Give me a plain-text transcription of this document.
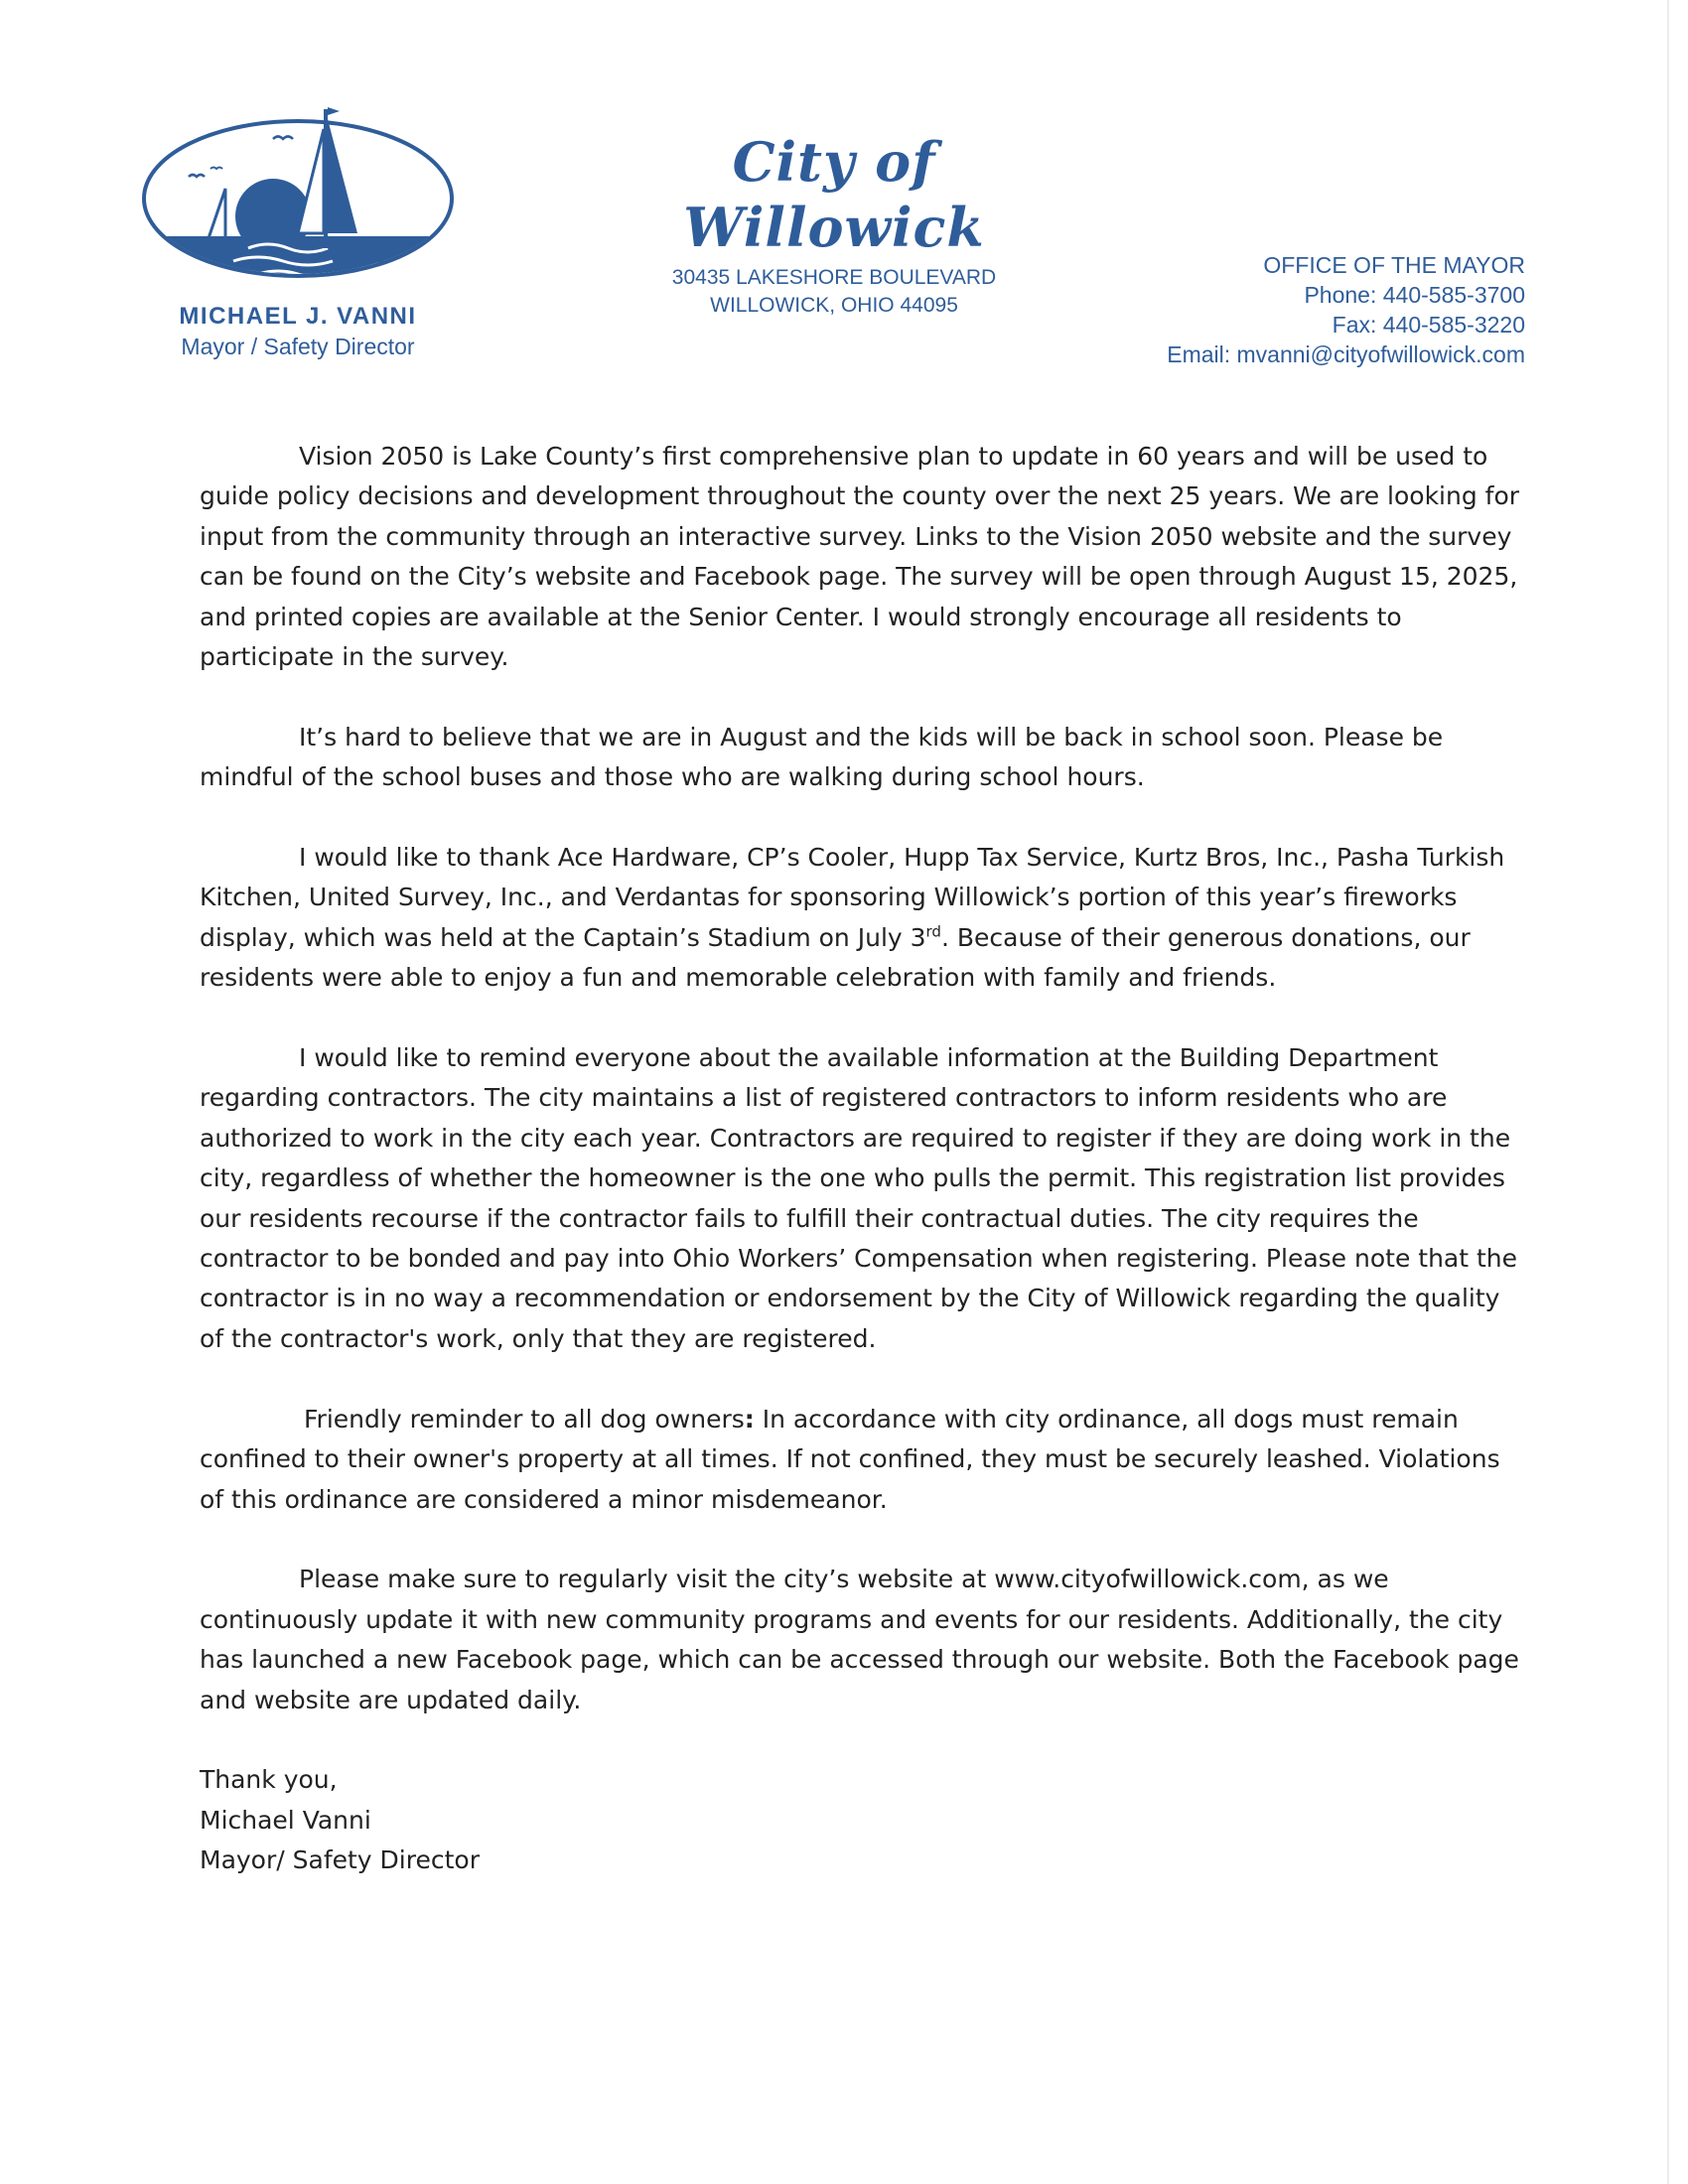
MICHAEL J. VANNI
Mayor / Safety Director
City of Willowick
30435 LAKESHORE BOULEVARD
WILLOWICK, OHIO 44095
OFFICE OF THE MAYOR
Phone: 440-585-3700
Fax: 440-585-3220
Email: mvanni@cityofwillowick.com

Vision 2050 is Lake County’s first comprehensive plan to update in 60 years and will be used to guide policy decisions and development throughout the county over the next 25 years. We are looking for input from the community through an interactive survey. Links to the Vision 2050 website and the survey can be found on the City’s website and Facebook page. The survey will be open through August 15, 2025, and printed copies are available at the Senior Center. I would strongly encourage all residents to participate in the survey.

It’s hard to believe that we are in August and the kids will be back in school soon. Please be mindful of the school buses and those who are walking during school hours.

I would like to thank Ace Hardware, CP’s Cooler, Hupp Tax Service, Kurtz Bros, Inc., Pasha Turkish Kitchen, United Survey, Inc., and Verdantas for sponsoring Willowick’s portion of this year’s fireworks display, which was held at the Captain’s Stadium on July 3rd. Because of their generous donations, our residents were able to enjoy a fun and memorable celebration with family and friends.

I would like to remind everyone about the available information at the Building Department regarding contractors. The city maintains a list of registered contractors to inform residents who are authorized to work in the city each year. Contractors are required to register if they are doing work in the city, regardless of whether the homeowner is the one who pulls the permit. This registration list provides our residents recourse if the contractor fails to fulfill their contractual duties. The city requires the contractor to be bonded and pay into Ohio Workers’ Compensation when registering. Please note that the contractor is in no way a recommendation or endorsement by the City of Willowick regarding the quality of the contractor's work, only that they are registered.

Friendly reminder to all dog owners: In accordance with city ordinance, all dogs must remain confined to their owner's property at all times. If not confined, they must be securely leashed. Violations of this ordinance are considered a minor misdemeanor.

Please make sure to regularly visit the city’s website at www.cityofwillowick.com, as we continuously update it with new community programs and events for our residents. Additionally, the city has launched a new Facebook page, which can be accessed through our website. Both the Facebook page and website are updated daily.

Thank you,
Michael Vanni
Mayor/ Safety Director
